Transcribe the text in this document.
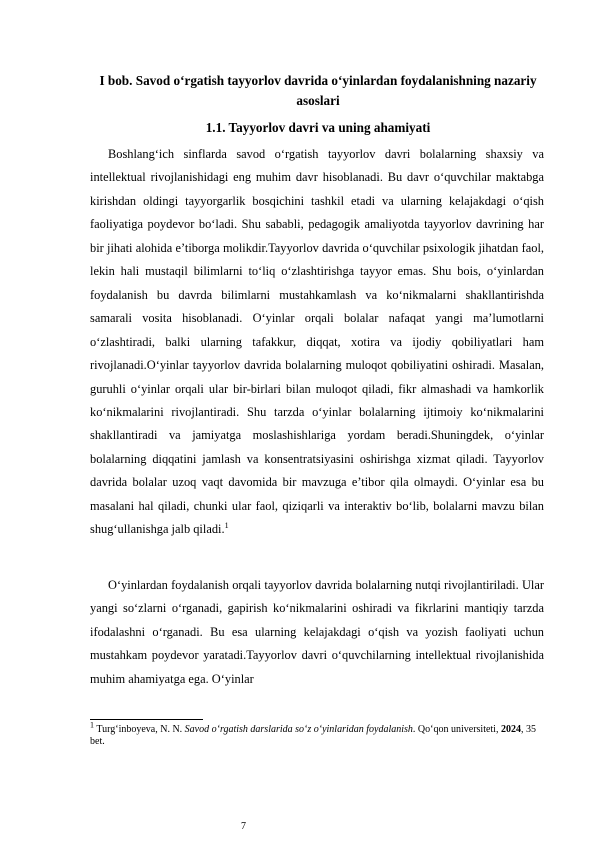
I bob. Savod o‘rgatish tayyorlov davrida o‘yinlardan foydalanishning nazariy asoslari
1.1. Tayyorlov davri va uning ahamiyati

Boshlang‘ich sinflarda savod o‘rgatish tayyorlov davri bolalarning shaxsiy va intellektual rivojlanishidagi eng muhim davr hisoblanadi. Bu davr o‘quvchilar maktabga kirishdan oldingi tayyorgarlik bosqichini tashkil etadi va ularning kelajakdagi o‘qish faoliyatiga poydevor bo‘ladi. Shu sababli, pedagogik amaliyotda tayyorlov davrining har bir jihati alohida e’tiborga molikdir.Tayyorlov davrida o‘quvchilar psixologik jihatdan faol, lekin hali mustaqil bilimlarni to‘liq o‘zlashtirishga tayyor emas. Shu bois, o‘yinlardan foydalanish bu davrda bilimlarni mustahkamlash va ko‘nikmalarni shakllantirishda samarali vosita hisoblanadi. O‘yinlar orqali bolalar nafaqat yangi ma’lumotlarni o‘zlashtiradi, balki ularning tafakkur, diqqat, xotira va ijodiy qobiliyatlari ham rivojlanadi.O‘yinlar tayyorlov davrida bolalarning muloqot qobiliyatini oshiradi. Masalan, guruhli o‘yinlar orqali ular bir-birlari bilan muloqot qiladi, fikr almashadi va hamkorlik ko‘nikmalarini rivojlantiradi. Shu tarzda o‘yinlar bolalarning ijtimoiy ko‘nikmalarini shakllantiradi va jamiyatga moslashishlariga yordam beradi.Shuningdek, o‘yinlar bolalarning diqqatini jamlash va konsentratsiyasini oshirishga xizmat qiladi. Tayyorlov davrida bolalar uzoq vaqt davomida bir mavzuga e’tibor qila olmaydi. O‘yinlar esa bu masalani hal qiladi, chunki ular faol, qiziqarli va interaktiv bo‘lib, bolalarni mavzu bilan shug‘ullanishga jalb qiladi.$^1$

O‘yinlardan foydalanish orqali tayyorlov davrida bolalarning nutqi rivojlantiriladi. Ular yangi so‘zlarni o‘rganadi, gapirish ko‘nikmalarini oshiradi va fikrlarini mantiqiy tarzda ifodalashni o‘rganadi. Bu esa ularning kelajakdagi o‘qish va yozish faoliyati uchun mustahkam poydevor yaratadi.Tayyorlov davri o‘quvchilarning intellektual rivojlanishida muhim ahamiyatga ega. O‘yinlar

$^1$ Turg‘inboyeva, N. N. Savod o‘rgatish darslarida so‘z o‘yinlaridan foydalanish. Qo‘qon universiteti, 2024, 35 bet.
7
